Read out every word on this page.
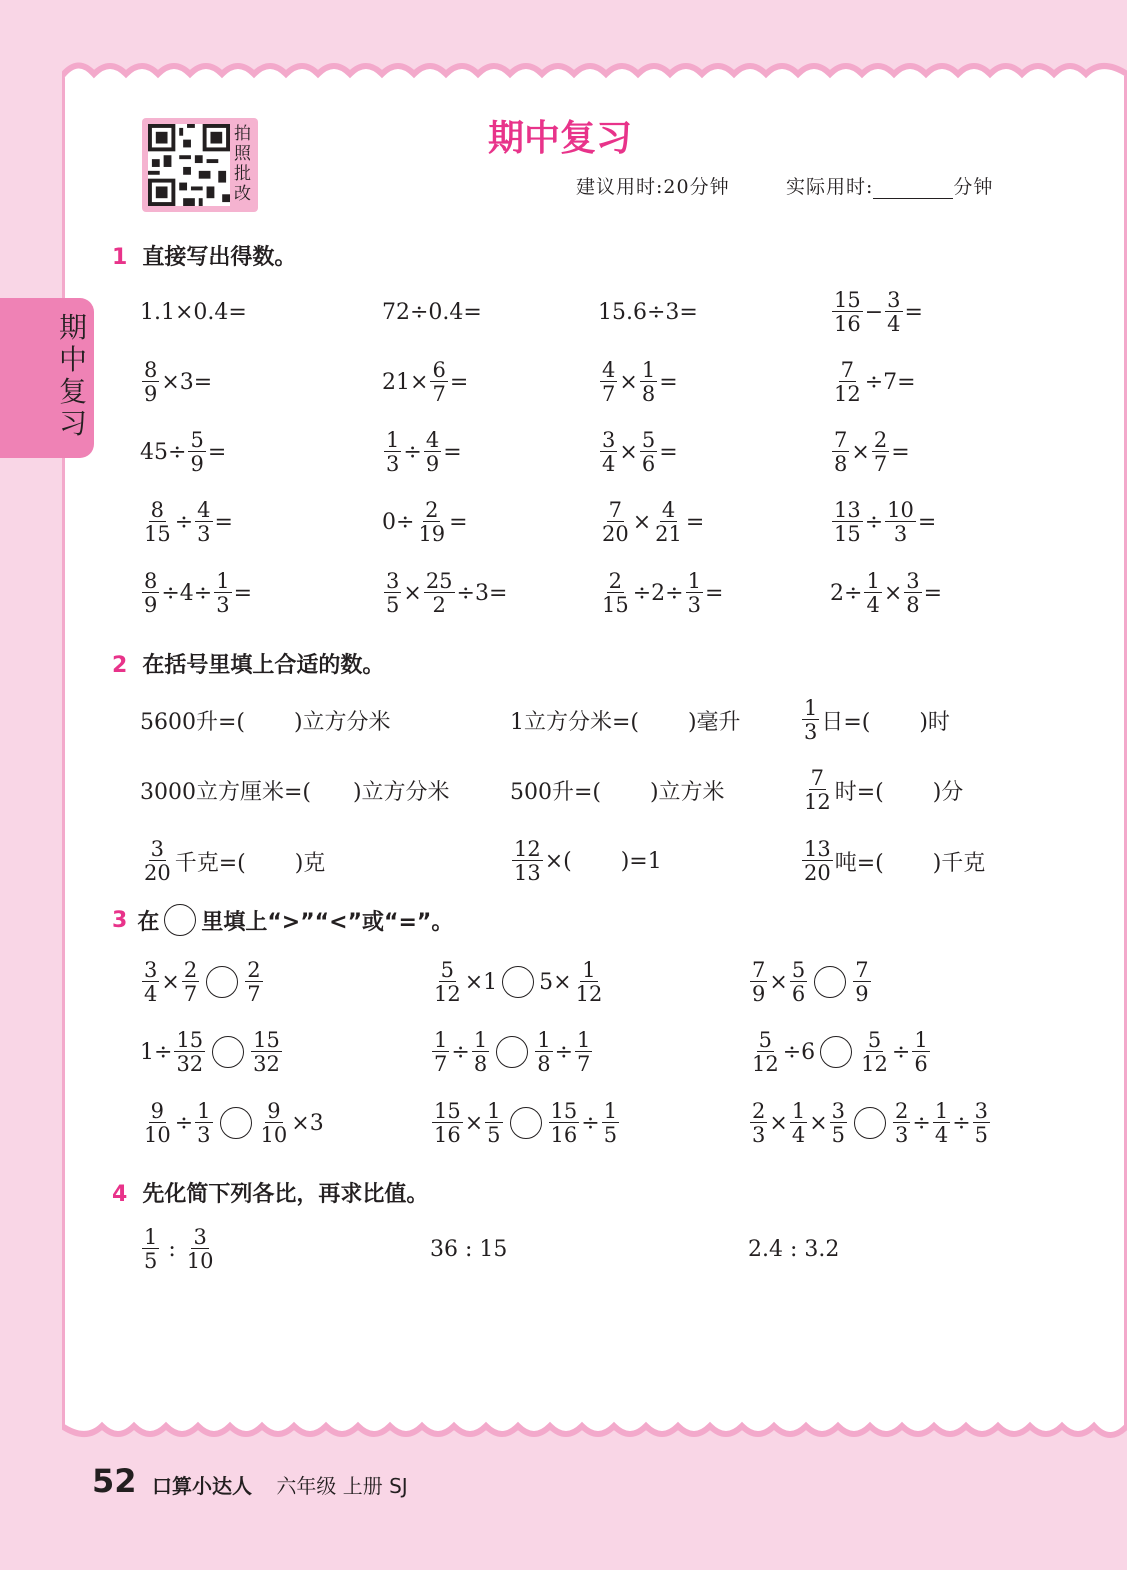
拍照批改
期中复习
建议用时:20分钟	实际用时:	分钟
期中复习
1 直接写出得数。
1.1×0.4=	72÷0.4=	15.6÷3=	$\frac{15}{16} - \frac{3}{4}$ =
$\frac{8}{9} \times 3=$	$21\times \frac{6}{7}$ =	$\frac{4}{7} \times \frac{1}{8}$ =	$\frac{7}{12} \div 7=$
$45\div \frac{5}{9}$ =	$\frac{1}{3} \div \frac{4}{9}$ =	$\frac{3}{4} \times \frac{5}{6}$ =	$\frac{7}{8} \times \frac{2}{7}$ =
$\frac{8}{15} \div \frac{4}{3}$ =	$0\div \frac{2}{19}$ =	$\frac{7}{20} \times \frac{4}{21}$ =	$\frac{13}{15} \div \frac{10}{3}$ =
$\frac{8}{9} \div 4\div \frac{1}{3}$ =	$\frac{3}{5} \times \frac{25}{2} \div 3=$	$\frac{2}{15} \div 2\div \frac{1}{3}$ =	$2\div \frac{1}{4} \times \frac{3}{8}$ =
2 在括号里填上合适的数。
5600升=(       )立方分米	1立方分米=(       )毫升	$\frac{1}{3}$ 日=(       )时
3000立方厘米=(      )立方分米	500升=(       )立方米	$\frac{7}{12}$ 时=(       )分
$\frac{3}{20}$ 千克=(       )克	$\frac{12}{13}$ ×(       )=1	$\frac{13}{20}$ 吨=(       )千克
3 在 里填上“>”“<”或“=”。
$\frac{3}{4} \times \frac{2}{7} \frac{2}{7}$	$\frac{5}{12} \times 1$ $5\times \frac{1}{12}$	$\frac{7}{9} \times \frac{5}{6} \frac{7}{9}$
$1\div \frac{15}{32} \frac{15}{32}$	$\frac{1}{7} \div \frac{1}{8} \frac{1}{8} \div \frac{1}{7}$	$\frac{5}{12} \div 6 \frac{5}{12} \div \frac{1}{6}$
$\frac{9}{10} \div \frac{1}{3} \frac{9}{10} \times 3$	$\frac{15}{16} \times \frac{1}{5} \frac{15}{16} \div \frac{1}{5}$	$\frac{2}{3} \times \frac{1}{4} \times \frac{3}{5} \frac{2}{3} \div \frac{1}{4} \div \frac{3}{5}$
4 先化简下列各比，再求比值。
$\frac{1}{5}$ : $\frac{3}{10}$	36 : 15	2.4 : 3.2
52 口算小达人 六年级 上册 SJ
